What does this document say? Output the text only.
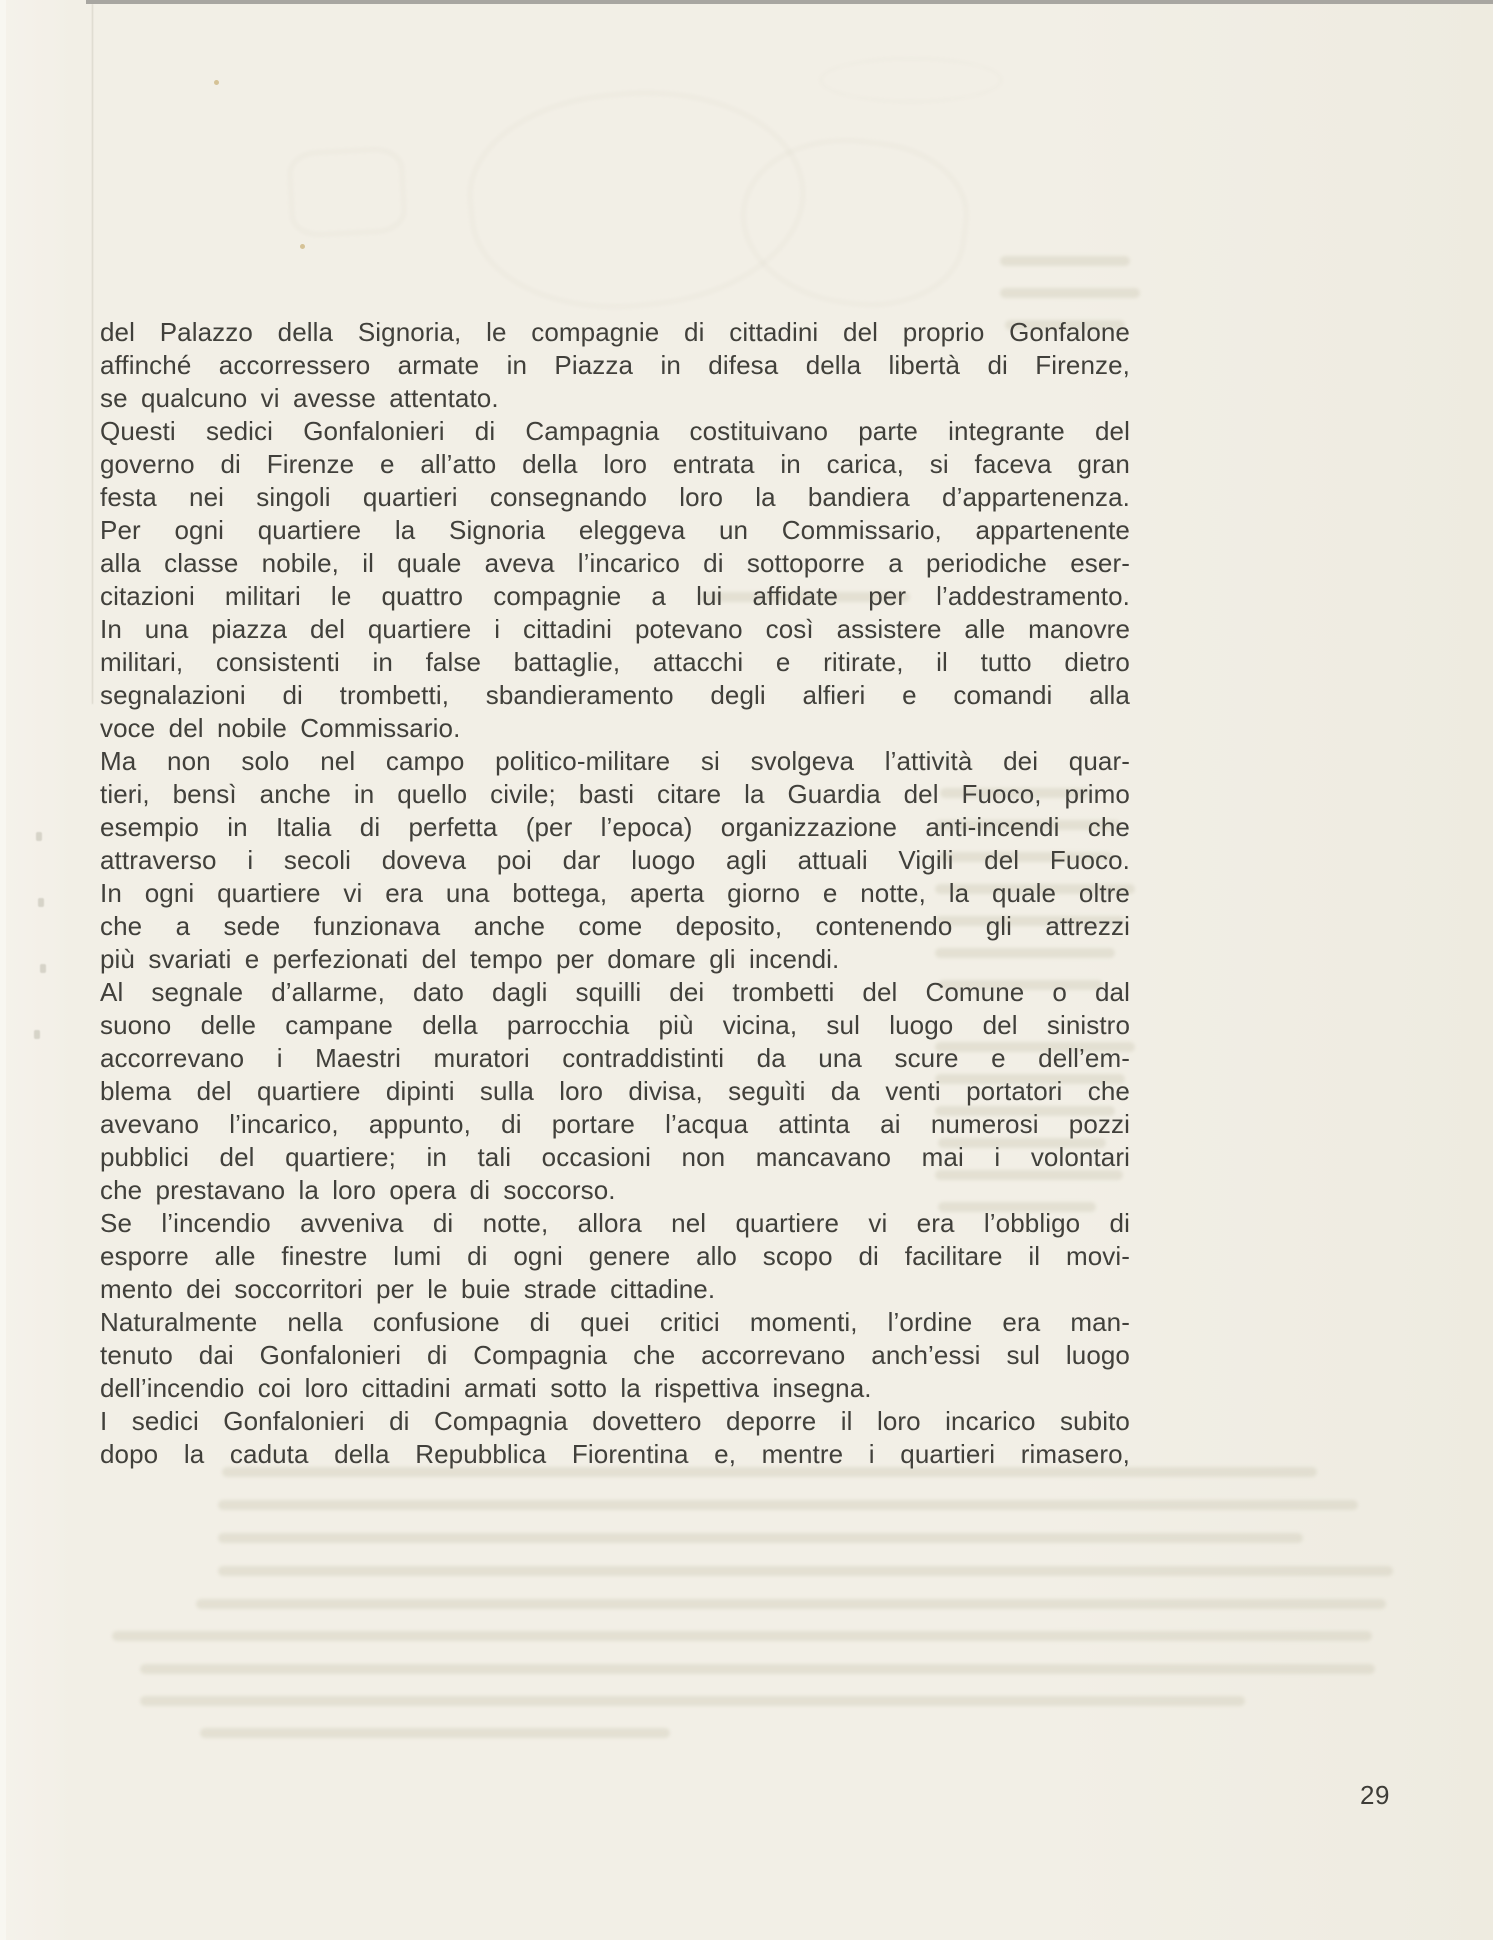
del Palazzo della Signoria, le compagnie di cittadini del proprio Gonfalone
affinché accorressero armate in Piazza in difesa della libertà di Firenze,
se qualcuno vi avesse attentato.
Questi sedici Gonfalonieri di Campagnia costituivano parte integrante del
governo di Firenze e all’atto della loro entrata in carica, si faceva gran
festa nei singoli quartieri consegnando loro la bandiera d’appartenenza.
Per ogni quartiere la Signoria eleggeva un Commissario, appartenente
alla classe nobile, il quale aveva l’incarico di sottoporre a periodiche eser-
citazioni militari le quattro compagnie a lui affidate per l’addestramento.
In una piazza del quartiere i cittadini potevano così assistere alle manovre
militari, consistenti in false battaglie, attacchi e ritirate, il tutto dietro
segnalazioni di trombetti, sbandieramento degli alfieri e comandi alla
voce del nobile Commissario.
Ma non solo nel campo politico-militare si svolgeva l’attività dei quar-
tieri, bensì anche in quello civile; basti citare la Guardia del Fuoco, primo
esempio in Italia di perfetta (per l’epoca) organizzazione anti-incendi che
attraverso i secoli doveva poi dar luogo agli attuali Vigili del Fuoco.
In ogni quartiere vi era una bottega, aperta giorno e notte, la quale oltre
che a sede funzionava anche come deposito, contenendo gli attrezzi
più svariati e perfezionati del tempo per domare gli incendi.
Al segnale d’allarme, dato dagli squilli dei trombetti del Comune o dal
suono delle campane della parrocchia più vicina, sul luogo del sinistro
accorrevano i Maestri muratori contraddistinti da una scure e dell’em-
blema del quartiere dipinti sulla loro divisa, seguìti da venti portatori che
avevano l’incarico, appunto, di portare l’acqua attinta ai numerosi pozzi
pubblici del quartiere; in tali occasioni non mancavano mai i volontari
che prestavano la loro opera di soccorso.
Se l’incendio avveniva di notte, allora nel quartiere vi era l’obbligo di
esporre alle finestre lumi di ogni genere allo scopo di facilitare il movi-
mento dei soccorritori per le buie strade cittadine.
Naturalmente nella confusione di quei critici momenti, l’ordine era man-
tenuto dai Gonfalonieri di Compagnia che accorrevano anch’essi sul luogo
dell’incendio coi loro cittadini armati sotto la rispettiva insegna.
I sedici Gonfalonieri di Compagnia dovettero deporre il loro incarico subito
dopo la caduta della Repubblica Fiorentina e, mentre i quartieri rimasero,
29
